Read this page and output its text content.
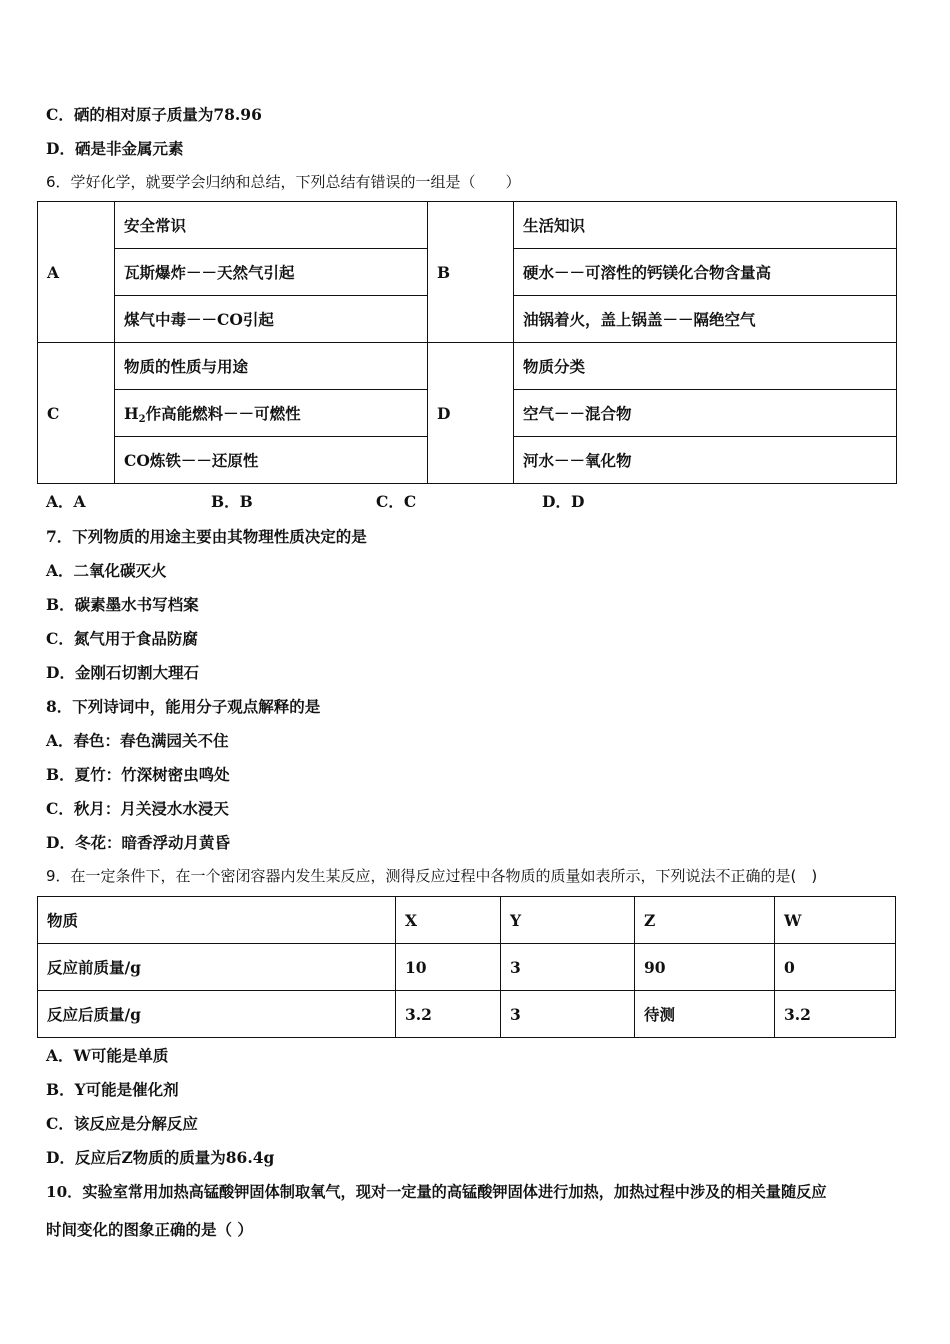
C．硒的相对原子质量为78.96
D．硒是非金属元素
6．学好化学，就要学会归纳和总结，下列总结有错误的一组是（　　）
A	安全常识	B	生活知识
	瓦斯爆炸－－天然气引起		硬水－－可溶性的钙镁化合物含量高
	煤气中毒－－CO引起		油锅着火，盖上锅盖－－隔绝空气
C	物质的性质与用途	D	物质分类
	$H_2$作高能燃料－－可燃性		空气－－混合物
	CO炼铁－－还原性		河水－－氧化物
A．A	B．B	C．C	D．D
7．下列物质的用途主要由其物理性质决定的是
A．二氧化碳灭火
B．碳素墨水书写档案
C．氮气用于食品防腐
D．金刚石切割大理石
8．下列诗词中，能用分子观点解释的是
A．春色：春色满园关不住
B．夏竹：竹深树密虫鸣处
C．秋月：月关浸水水浸天
D．冬花：暗香浮动月黄昏
9．在一定条件下，在一个密闭容器内发生某反应，测得反应过程中各物质的质量如表所示，下列说法不正确的是(　)
物质	X	Y	Z	W
反应前质量/g	10	3	90	0
反应后质量/g	3.2	3	待测	3.2
A．W可能是单质
B．Y可能是催化剂
C．该反应是分解反应
D．反应后Z物质的质量为86.4g
10．实验室常用加热高锰酸钾固体制取氧气，现对一定量的高锰酸钾固体进行加热，加热过程中涉及的相关量随反应
时间变化的图象正确的是（ ）
